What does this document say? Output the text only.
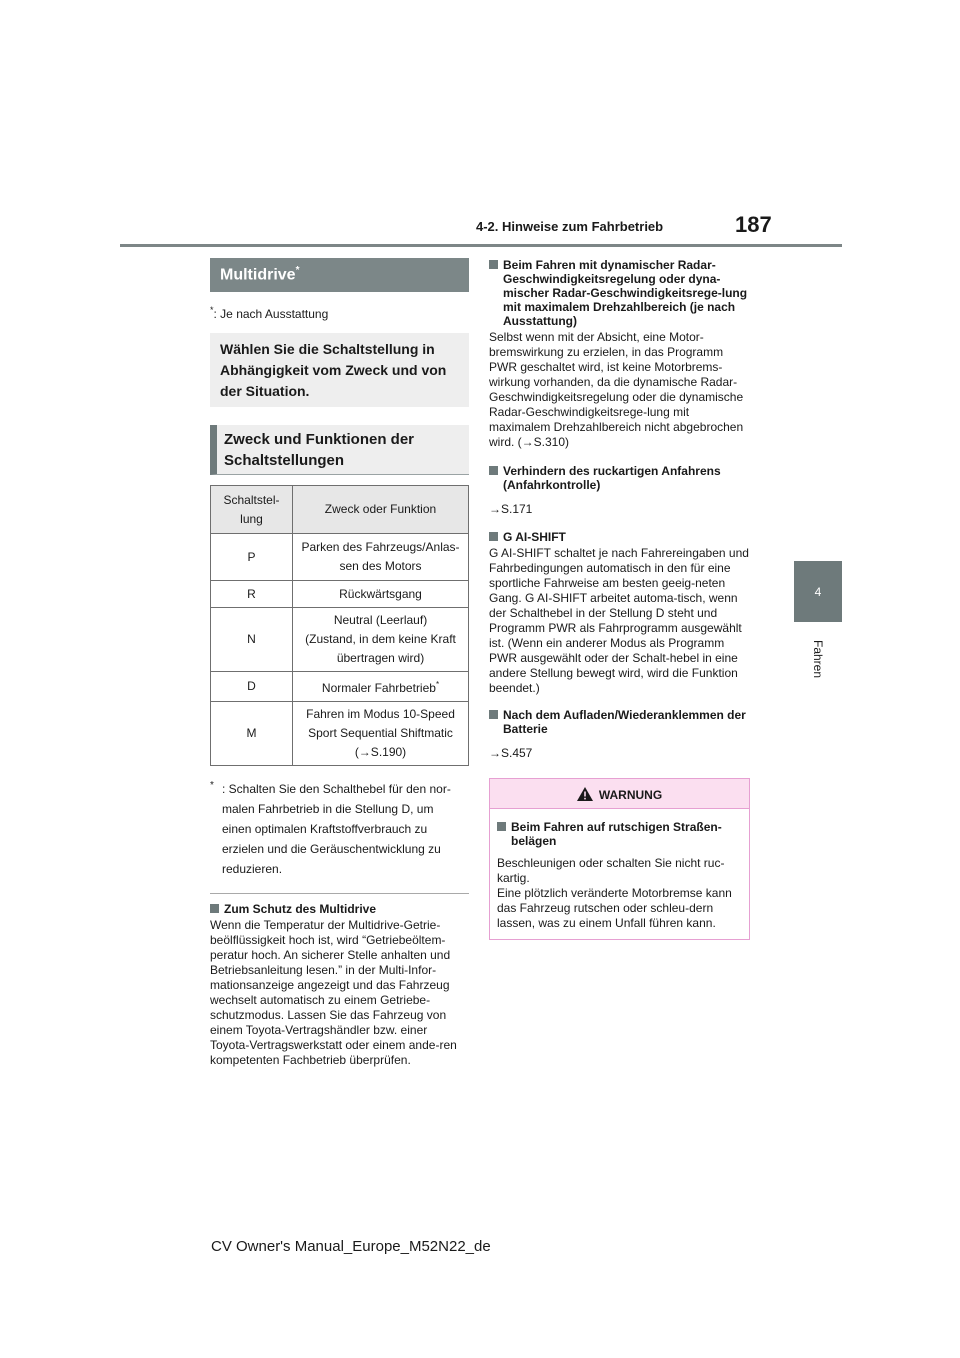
4-2. Hinweise zum Fahrbetrieb	187
4
Fahren
Multidrive*
*: Je nach Ausstattung
Wählen Sie die Schaltstellung in Abhängigkeit vom Zweck und von der Situation.
Zweck und Funktionen der Schaltstellungen
Schaltstel-
lung	Zweck oder Funktion
P	Parken des Fahrzeugs/Anlas-
sen des Motors
R	Rückwärtsgang
N	Neutral (Leerlauf)
(Zustand, in dem keine Kraft
übertragen wird)
D	Normaler Fahrbetrieb*
M	Fahren im Modus 10-Speed
Sport Sequential Shiftmatic
(→S.190)
* : Schalten Sie den Schalthebel für den nor-
malen Fahrbetrieb in die Stellung D, um
einen optimalen Kraftstoffverbrauch zu
erzielen und die Geräuschentwicklung zu
reduzieren.
Zum Schutz des Multidrive
Wenn die Temperatur der Multidrive-Getrie-beölflüssigkeit hoch ist, wird “Getriebeöltem-peratur hoch. An sicherer Stelle anhalten und Betriebsanleitung lesen.” in der Multi-Infor-mationsanzeige angezeigt und das Fahrzeug wechselt automatisch zu einem Getriebe-schutzmodus. Lassen Sie das Fahrzeug von einem Toyota-Vertragshändler bzw. einer Toyota-Vertragswerkstatt oder einem ande-ren kompetenten Fachbetrieb überprüfen.
Beim Fahren mit dynamischer Radar-Geschwindigkeitsregelung oder dyna-mischer Radar-Geschwindigkeitsrege-lung mit maximalem Drehzahlbereich (je nach Ausstattung)
Selbst wenn mit der Absicht, eine Motor-bremswirkung zu erzielen, in das Programm PWR geschaltet wird, ist keine Motorbrems-wirkung vorhanden, da die dynamische Radar-Geschwindigkeitsregelung oder die dynamische Radar-Geschwindigkeitsrege-lung mit maximalem Drehzahlbereich nicht abgebrochen wird. (→S.310)
Verhindern des ruckartigen Anfahrens (Anfahrkontrolle)
→S.171
G AI-SHIFT
G AI-SHIFT schaltet je nach Fahrereingaben und Fahrbedingungen automatisch in den für eine sportliche Fahrweise am besten geeig-neten Gang. G AI-SHIFT arbeitet automa-tisch, wenn der Schalthebel in der Stellung D steht und Programm PWR als Fahrprogramm ausgewählt ist. (Wenn ein anderer Modus als Programm PWR ausgewählt oder der Schalt-hebel in eine andere Stellung bewegt wird, wird die Funktion beendet.)
Nach dem Aufladen/Wiederanklemmen der Batterie
→S.457
WARNUNG
Beim Fahren auf rutschigen Straßen-belägen
Beschleunigen oder schalten Sie nicht ruc-kartig.
Eine plötzlich veränderte Motorbremse kann das Fahrzeug rutschen oder schleu-dern lassen, was zu einem Unfall führen kann.
CV Owner's Manual_Europe_M52N22_de
